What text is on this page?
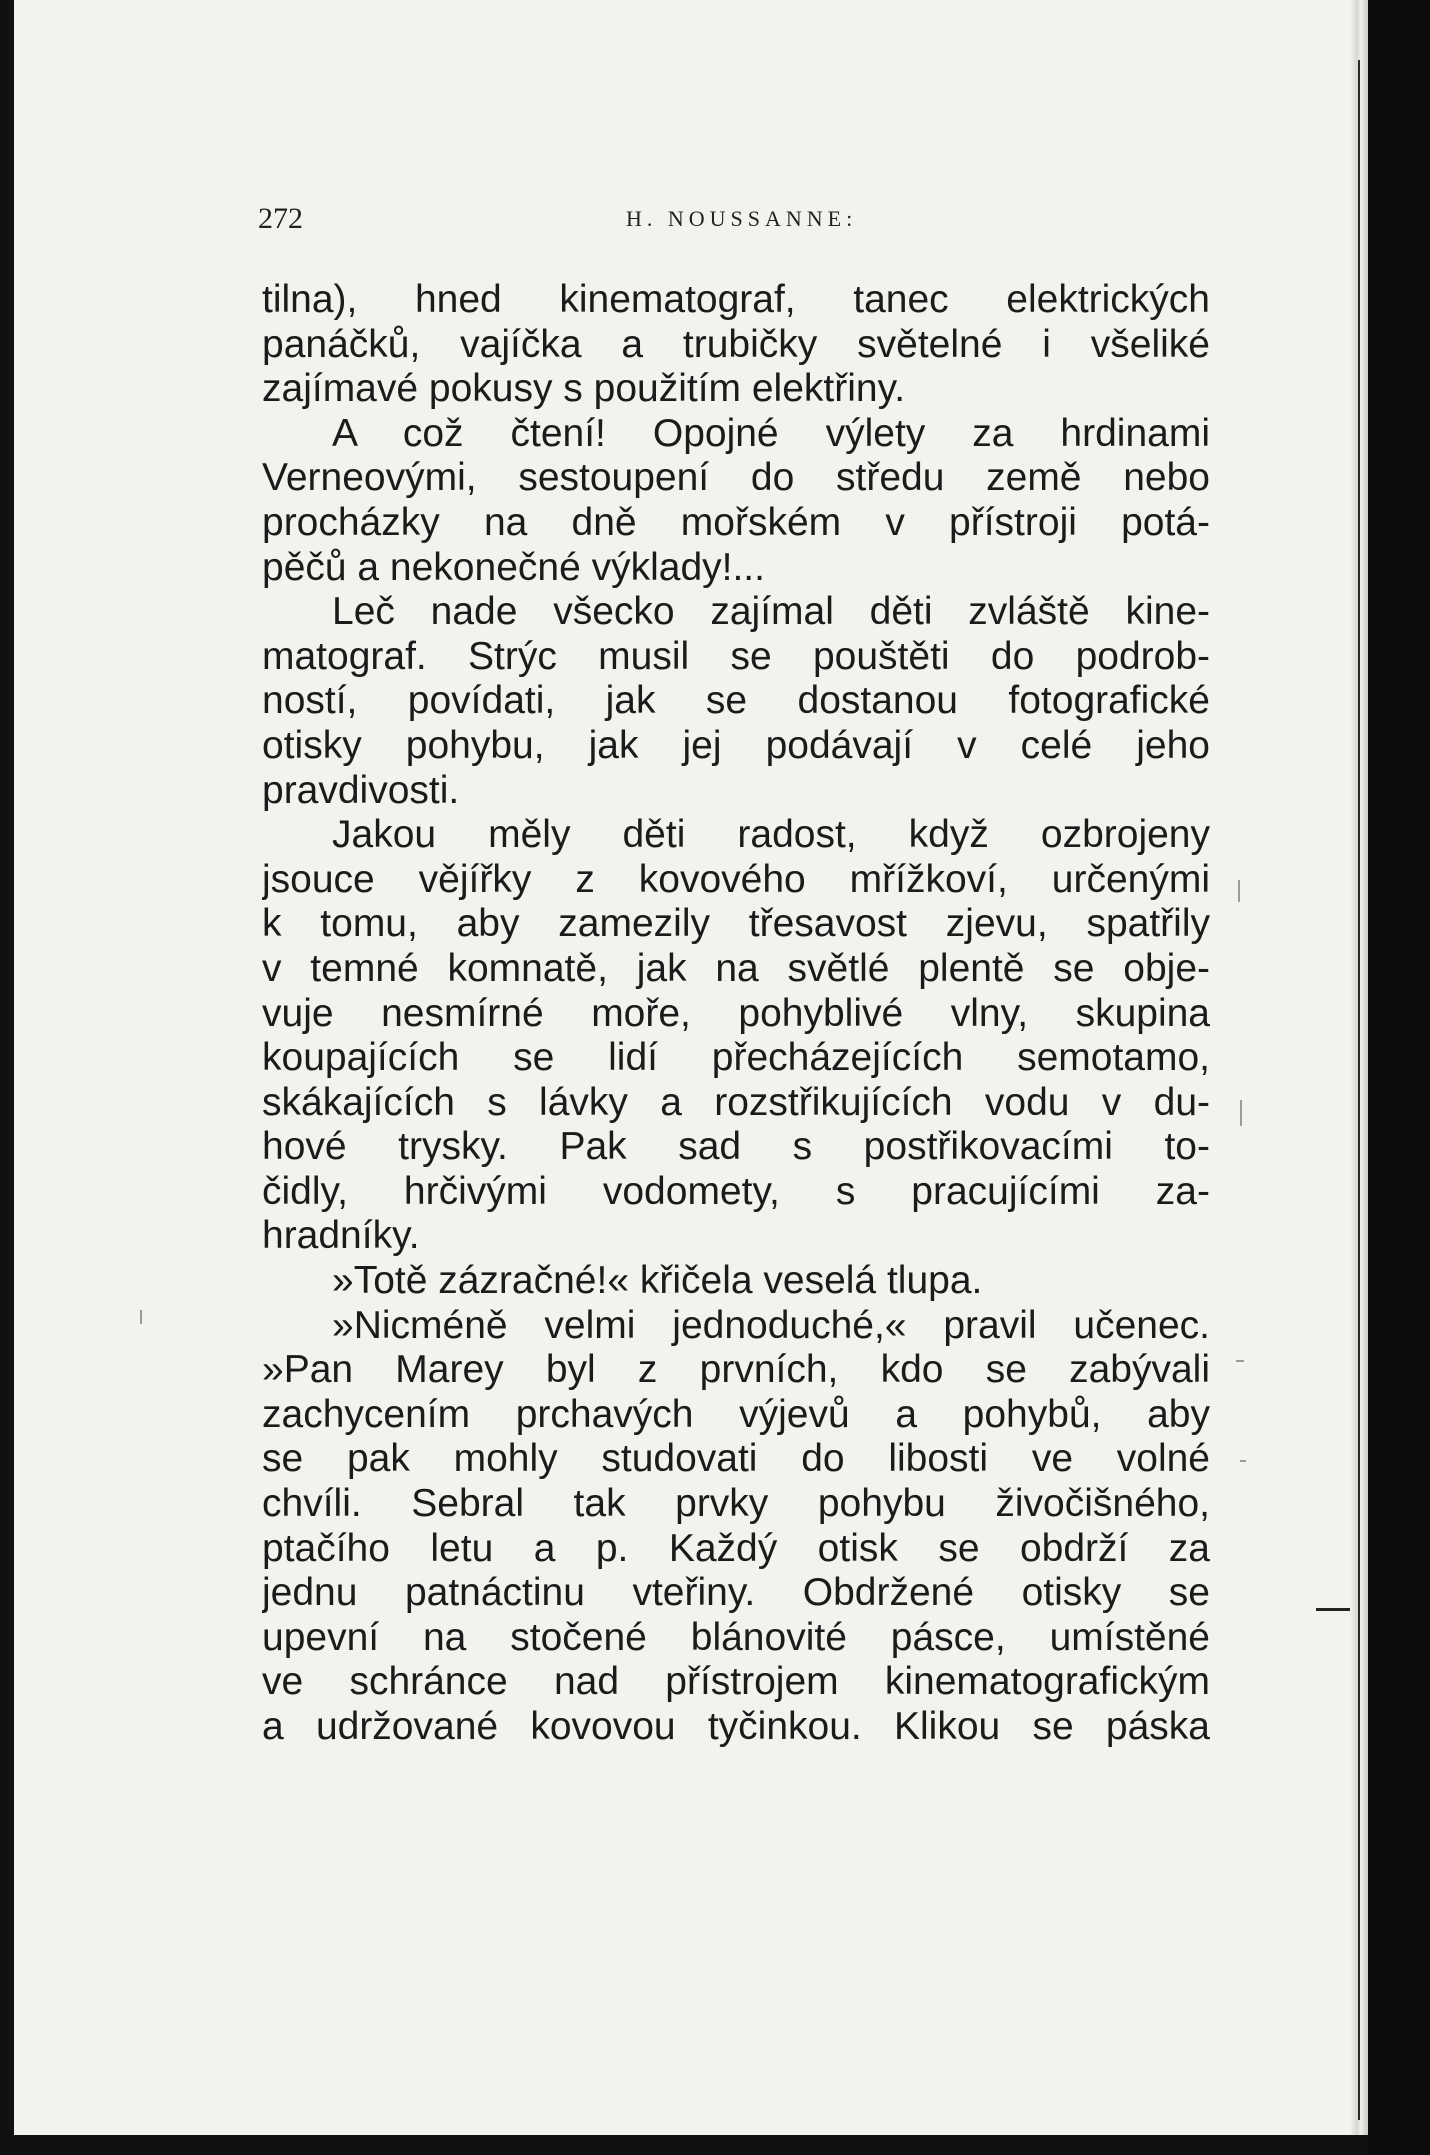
272	H. NOUSSANNE:
tilna), hned kinematograf, tanec elektrických
panáčků, vajíčka a trubičky světelné i všeliké
zajímavé pokusy s použitím elektřiny.
A což čtení! Opojné výlety za hrdinami
Verneovými, sestoupení do středu země nebo
procházky na dně mořském v přístroji potá-
pěčů a nekonečné výklady!...
Leč nade všecko zajímal děti zvláště kine-
matograf. Strýc musil se pouštěti do podrob-
ností, povídati, jak se dostanou fotografické
otisky pohybu, jak jej podávají v celé jeho
pravdivosti.
Jakou měly děti radost, když ozbrojeny
jsouce vějířky z kovového mřížkoví, určenými
k tomu, aby zamezily třesavost zjevu, spatřily
v temné komnatě, jak na světlé plentě se obje-
vuje nesmírné moře, pohyblivé vlny, skupina
koupajících se lidí přecházejících semotamo,
skákajících s lávky a rozstřikujících vodu v du-
hové trysky. Pak sad s postřikovacími to-
čidly, hrčivými vodomety, s pracujícími za-
hradníky.
»Totě zázračné!« křičela veselá tlupa.
»Nicméně velmi jednoduché,« pravil učenec.
»Pan Marey byl z prvních, kdo se zabývali
zachycením prchavých výjevů a pohybů, aby
se pak mohly studovati do libosti ve volné
chvíli. Sebral tak prvky pohybu živočišného,
ptačího letu a p. Každý otisk se obdrží za
jednu patnáctinu vteřiny. Obdržené otisky se
upevní na stočené blánovité pásce, umístěné
ve schránce nad přístrojem kinematografickým
a udržované kovovou tyčinkou. Klikou se páska
